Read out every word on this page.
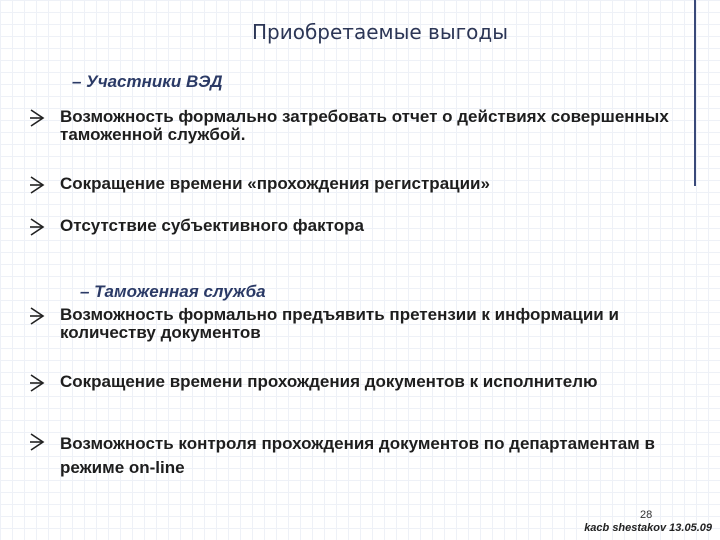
Приобретаемые выгоды
– Участники ВЭД
Возможность формально затребовать отчет о действиях совершенных таможенной службой.
Сокращение времени «прохождения регистрации»
Отсутствие субъективного фактора
– Таможенная служба
Возможность формально предъявить претензии к информации и количеству документов
Сокращение времени прохождения документов к исполнителю
Возможность контроля прохождения документов по департаментам в режиме on-line
28
kacb shestakov 13.05.09
